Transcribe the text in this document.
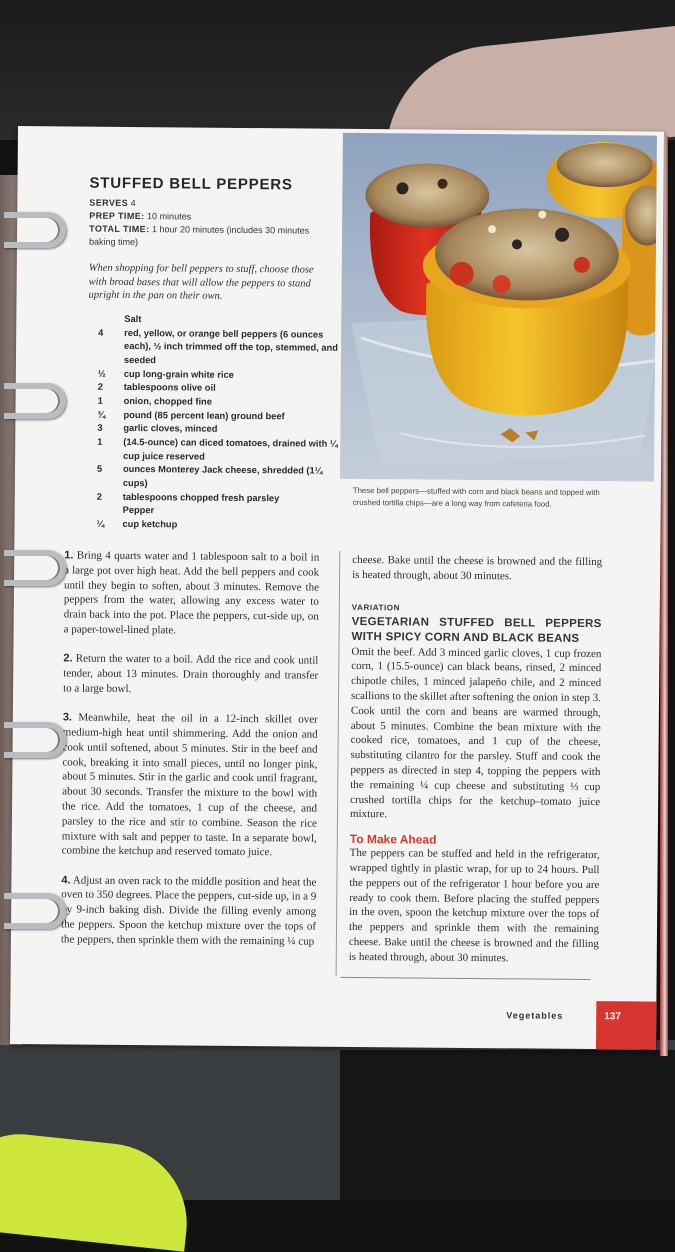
STUFFED BELL PEPPERS
SERVES 4
PREP TIME: 10 minutes
TOTAL TIME: 1 hour 20 minutes (includes 30 minutes baking time)
When shopping for bell peppers to stuff, choose those with broad bases that will allow the peppers to stand upright in the pan on their own.
Salt
4	red, yellow, or orange bell peppers (6 ounces each), ½ inch trimmed off the top, stemmed, and seeded
½	cup long-grain white rice
2	tablespoons olive oil
1	onion, chopped fine
¾	pound (85 percent lean) ground beef
3	garlic cloves, minced
1	(14.5-ounce) can diced tomatoes, drained with ¼ cup juice reserved
5	ounces Monterey Jack cheese, shredded (1¼ cups)
2	tablespoons chopped fresh parsley
Pepper
¼	cup ketchup
These bell peppers—stuffed with corn and black beans and topped with crushed tortilla chips—are a long way from cafeteria food.

1. Bring 4 quarts water and 1 tablespoon salt to a boil in a large pot over high heat. Add the bell peppers and cook until they begin to soften, about 3 minutes. Remove the peppers from the water, allowing any excess water to drain back into the pot. Place the peppers, cut-side up, on a paper-towel-lined plate.

2. Return the water to a boil. Add the rice and cook until tender, about 13 minutes. Drain thoroughly and transfer to a large bowl.

3. Meanwhile, heat the oil in a 12-inch skillet over medium-high heat until shimmering. Add the onion and cook until softened, about 5 minutes. Stir in the beef and cook, breaking it into small pieces, until no longer pink, about 5 minutes. Stir in the garlic and cook until fragrant, about 30 seconds. Transfer the mixture to the bowl with the rice. Add the tomatoes, 1 cup of the cheese, and parsley to the rice and stir to combine. Season the rice mixture with salt and pepper to taste. In a separate bowl, combine the ketchup and reserved tomato juice.

4. Adjust an oven rack to the middle position and heat the oven to 350 degrees. Place the peppers, cut-side up, in a 9 by 9-inch baking dish. Divide the filling evenly among the peppers. Spoon the ketchup mixture over the tops of the peppers, then sprinkle them with the remaining ¼ cup

cheese. Bake until the cheese is browned and the filling is heated through, about 30 minutes.

VARIATION
VEGETARIAN STUFFED BELL PEPPERS WITH SPICY CORN AND BLACK BEANS

Omit the beef. Add 3 minced garlic cloves, 1 cup frozen corn, 1 (15.5-ounce) can black beans, rinsed, 2 minced chipotle chiles, 1 minced jalapeño chile, and 2 minced scallions to the skillet after softening the onion in step 3. Cook until the corn and beans are warmed through, about 5 minutes. Combine the bean mixture with the cooked rice, tomatoes, and 1 cup of the cheese, substituting cilantro for the parsley. Stuff and cook the peppers as directed in step 4, topping the peppers with the remaining ¼ cup cheese and substituting ⅓ cup crushed tortilla chips for the ketchup–tomato juice mixture.

To Make Ahead

The peppers can be stuffed and held in the refrigerator, wrapped tightly in plastic wrap, for up to 24 hours. Pull the peppers out of the refrigerator 1 hour before you are ready to cook them. Before placing the stuffed peppers in the oven, spoon the ketchup mixture over the tops of the peppers and sprinkle them with the remaining cheese. Bake until the cheese is browned and the filling is heated through, about 30 minutes.

Vegetables	137
